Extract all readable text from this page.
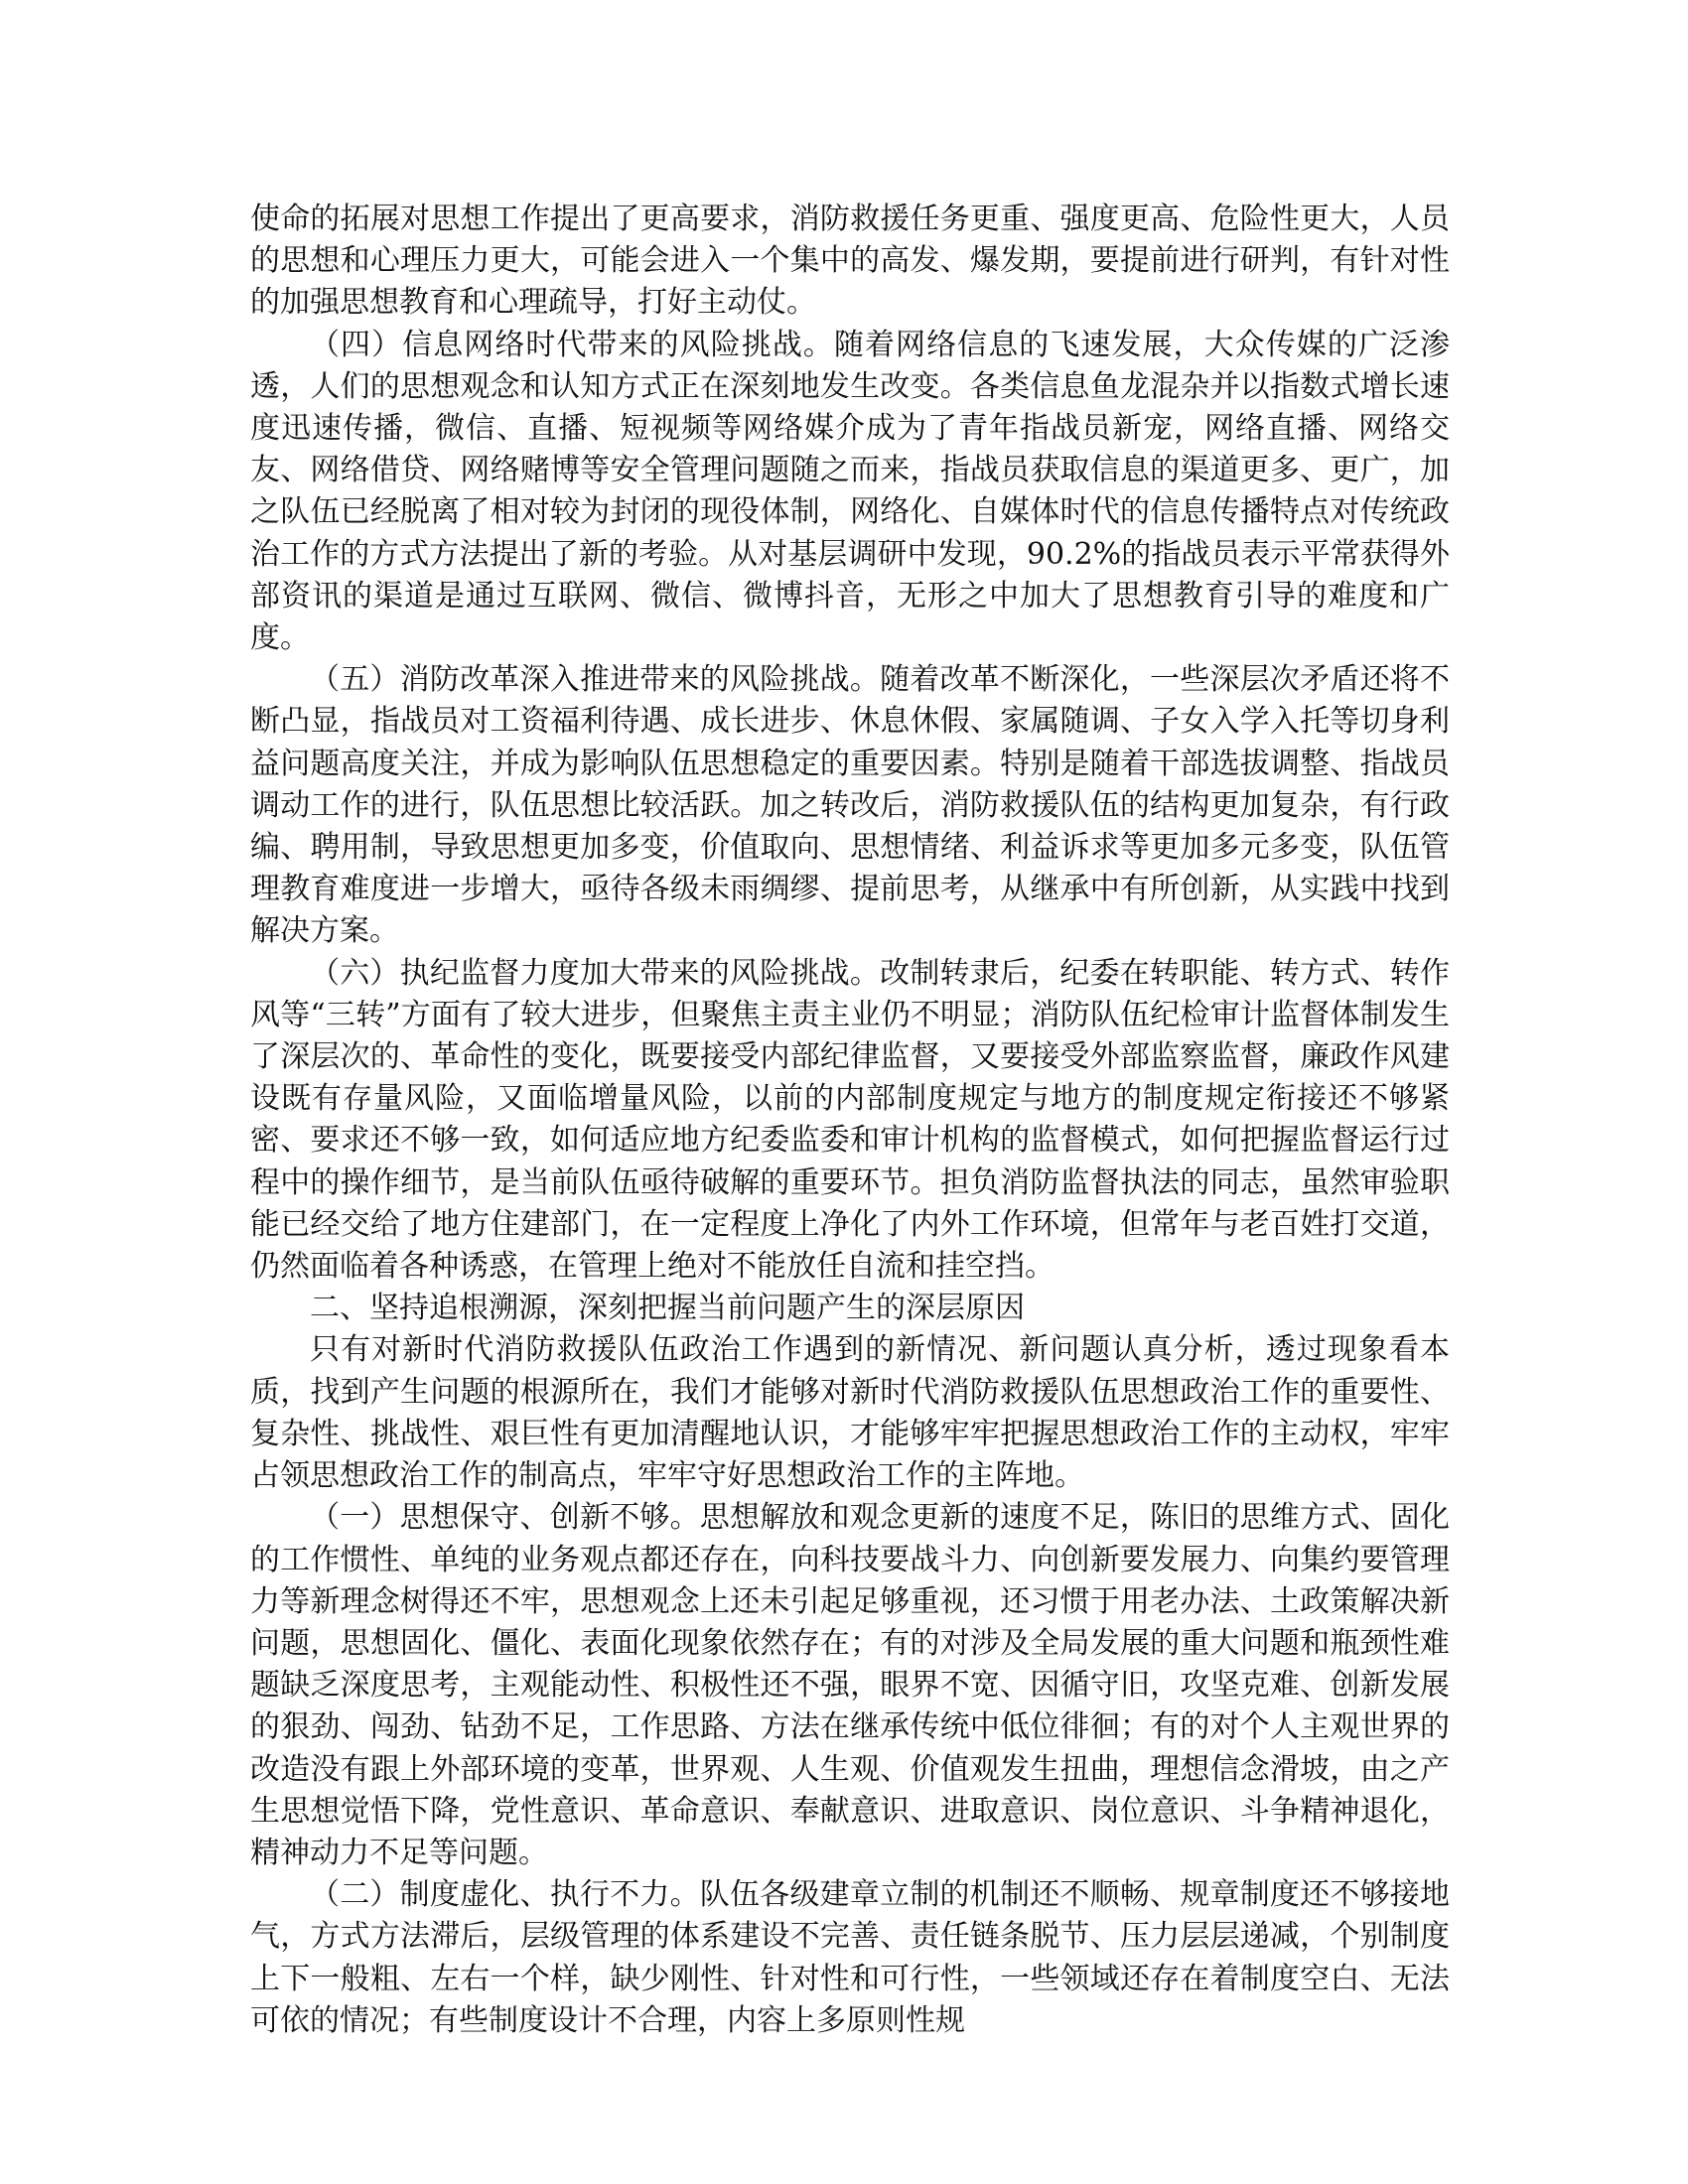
使命的拓展对思想工作提出了更高要求，消防救援任务更重、强度更高、危险性更大，人员的思想和心理压力更大，可能会进入一个集中的高发、爆发期，要提前进行研判，有针对性的加强思想教育和心理疏导，打好主动仗。

（四）信息网络时代带来的风险挑战。随着网络信息的飞速发展，大众传媒的广泛渗透，人们的思想观念和认知方式正在深刻地发生改变。各类信息鱼龙混杂并以指数式增长速度迅速传播，微信、直播、短视频等网络媒介成为了青年指战员新宠，网络直播、网络交友、网络借贷、网络赌博等安全管理问题随之而来，指战员获取信息的渠道更多、更广，加之队伍已经脱离了相对较为封闭的现役体制，网络化、自媒体时代的信息传播特点对传统政治工作的方式方法提出了新的考验。从对基层调研中发现，90.2%的指战员表示平常获得外部资讯的渠道是通过互联网、微信、微博抖音，无形之中加大了思想教育引导的难度和广度。

（五）消防改革深入推进带来的风险挑战。随着改革不断深化，一些深层次矛盾还将不断凸显，指战员对工资福利待遇、成长进步、休息休假、家属随调、子女入学入托等切身利益问题高度关注，并成为影响队伍思想稳定的重要因素。特别是随着干部选拔调整、指战员调动工作的进行，队伍思想比较活跃。加之转改后，消防救援队伍的结构更加复杂，有行政编、聘用制，导致思想更加多变，价值取向、思想情绪、利益诉求等更加多元多变，队伍管理教育难度进一步增大，亟待各级未雨绸缪、提前思考，从继承中有所创新，从实践中找到解决方案。

（六）执纪监督力度加大带来的风险挑战。改制转隶后，纪委在转职能、转方式、转作风等“三转”方面有了较大进步，但聚焦主责主业仍不明显；消防队伍纪检审计监督体制发生了深层次的、革命性的变化，既要接受内部纪律监督，又要接受外部监察监督，廉政作风建设既有存量风险，又面临增量风险，以前的内部制度规定与地方的制度规定衔接还不够紧密、要求还不够一致，如何适应地方纪委监委和审计机构的监督模式，如何把握监督运行过程中的操作细节，是当前队伍亟待破解的重要环节。担负消防监督执法的同志，虽然审验职能已经交给了地方住建部门，在一定程度上净化了内外工作环境，但常年与老百姓打交道，仍然面临着各种诱惑，在管理上绝对不能放任自流和挂空挡。

二、坚持追根溯源，深刻把握当前问题产生的深层原因

只有对新时代消防救援队伍政治工作遇到的新情况、新问题认真分析，透过现象看本质，找到产生问题的根源所在，我们才能够对新时代消防救援队伍思想政治工作的重要性、复杂性、挑战性、艰巨性有更加清醒地认识，才能够牢牢把握思想政治工作的主动权，牢牢占领思想政治工作的制高点，牢牢守好思想政治工作的主阵地。

（一）思想保守、创新不够。思想解放和观念更新的速度不足，陈旧的思维方式、固化的工作惯性、单纯的业务观点都还存在，向科技要战斗力、向创新要发展力、向集约要管理力等新理念树得还不牢，思想观念上还未引起足够重视，还习惯于用老办法、土政策解决新问题，思想固化、僵化、表面化现象依然存在；有的对涉及全局发展的重大问题和瓶颈性难题缺乏深度思考，主观能动性、积极性还不强，眼界不宽、因循守旧，攻坚克难、创新发展的狠劲、闯劲、钻劲不足，工作思路、方法在继承传统中低位徘徊；有的对个人主观世界的改造没有跟上外部环境的变革，世界观、人生观、价值观发生扭曲，理想信念滑坡，由之产生思想觉悟下降，党性意识、革命意识、奉献意识、进取意识、岗位意识、斗争精神退化，精神动力不足等问题。

（二）制度虚化、执行不力。队伍各级建章立制的机制还不顺畅、规章制度还不够接地气，方式方法滞后，层级管理的体系建设不完善、责任链条脱节、压力层层递减，个别制度上下一般粗、左右一个样，缺少刚性、针对性和可行性，一些领域还存在着制度空白、无法可依的情况；有些制度设计不合理，内容上多原则性规
